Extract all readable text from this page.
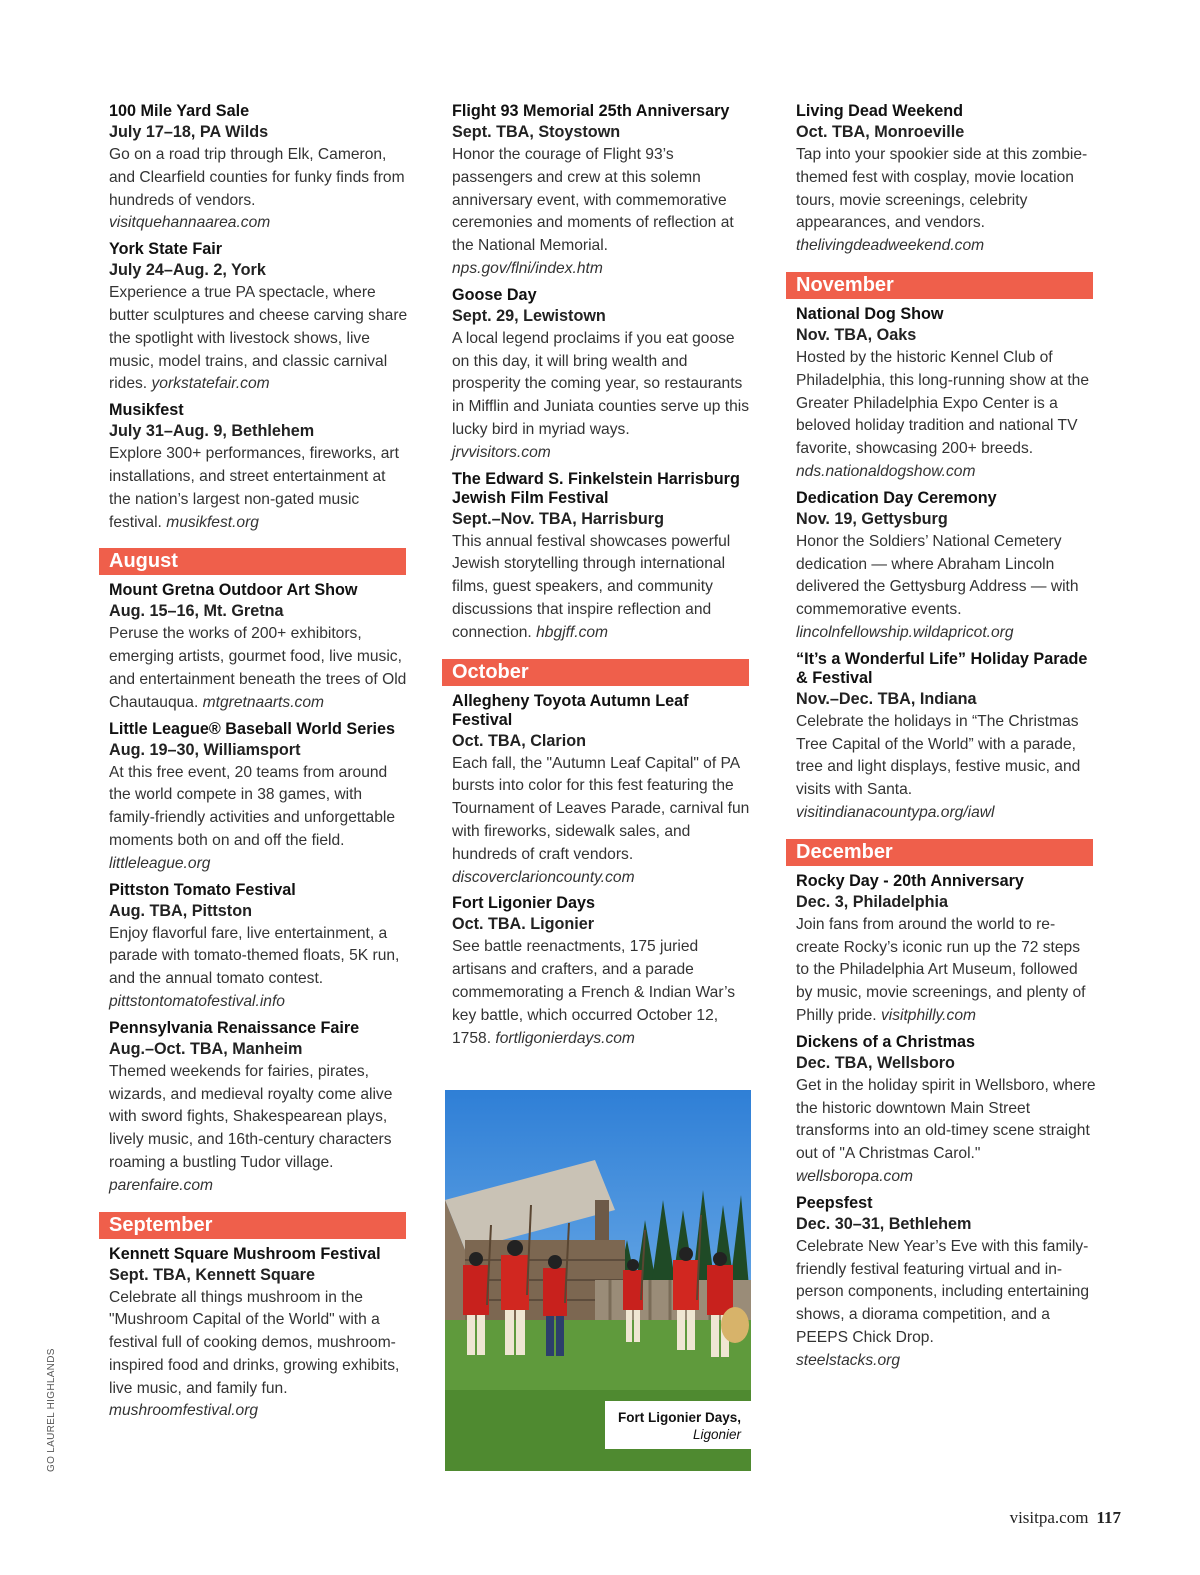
100 Mile Yard Sale
July 17–18, PA Wilds
Go on a road trip through Elk, Cameron, and Clearfield counties for funky finds from hundreds of vendors.
visitquehannaarea.com
York State Fair
July 24–Aug. 2, York
Experience a true PA spectacle, where butter sculptures and cheese carving share the spotlight with livestock shows, live music, model trains, and classic carnival rides. yorkstatefair.com
Musikfest
July 31–Aug. 9, Bethlehem
Explore 300+ performances, fireworks, art installations, and street entertainment at the nation’s largest non-gated music festival. musikfest.org
August
Mount Gretna Outdoor Art Show
Aug. 15–16, Mt. Gretna
Peruse the works of 200+ exhibitors, emerging artists, gourmet food, live music, and entertainment beneath the trees of Old Chautauqua. mtgretnaarts.com
Little League® Baseball World Series
Aug. 19–30, Williamsport
At this free event, 20 teams from around the world compete in 38 games, with family-friendly activities and unforgettable moments both on and off the field.
littleleague.org
Pittston Tomato Festival
Aug. TBA, Pittston
Enjoy flavorful fare, live entertainment, a parade with tomato-themed floats, 5K run, and the annual tomato contest.
pittstontomatofestival.info
Pennsylvania Renaissance Faire
Aug.–Oct. TBA, Manheim
Themed weekends for fairies, pirates, wizards, and medieval royalty come alive with sword fights, Shakespearean plays, lively music, and 16th-century characters roaming a bustling Tudor village.
parenfaire.com
September
Kennett Square Mushroom Festival
Sept. TBA, Kennett Square
Celebrate all things mushroom in the "Mushroom Capital of the World" with a festival full of cooking demos, mushroom-inspired food and drinks, growing exhibits, live music, and family fun.
mushroomfestival.org
Flight 93 Memorial 25th Anniversary
Sept. TBA, Stoystown
Honor the courage of Flight 93’s passengers and crew at this solemn anniversary event, with commemorative ceremonies and moments of reflection at the National Memorial.
nps.gov/flni/index.htm
Goose Day
Sept. 29, Lewistown
A local legend proclaims if you eat goose on this day, it will bring wealth and prosperity the coming year, so restaurants in Mifflin and Juniata counties serve up this lucky bird in myriad ways.
jrvvisitors.com
The Edward S. Finkelstein Harrisburg Jewish Film Festival
Sept.–Nov. TBA, Harrisburg
This annual festival showcases powerful Jewish storytelling through international films, guest speakers, and community discussions that inspire reflection and connection. hbgjff.com
October
Allegheny Toyota Autumn Leaf Festival
Oct. TBA, Clarion
Each fall, the "Autumn Leaf Capital" of PA bursts into color for this fest featuring the Tournament of Leaves Parade, carnival fun with fireworks, sidewalk sales, and hundreds of craft vendors.
discoverclarioncounty.com
Fort Ligonier Days
Oct. TBA. Ligonier
See battle reenactments, 175 juried artisans and crafters, and a parade commemorating a French & Indian War’s key battle, which occurred October 12, 1758. fortligonierdays.com
Living Dead Weekend
Oct. TBA, Monroeville
Tap into your spookier side at this zombie-themed fest with cosplay, movie location tours, movie screenings, celebrity appearances, and vendors.
thelivingdeadweekend.com
November
National Dog Show
Nov. TBA, Oaks
Hosted by the historic Kennel Club of Philadelphia, this long-running show at the Greater Philadelphia Expo Center is a beloved holiday tradition and national TV favorite, showcasing 200+ breeds.
nds.nationaldogshow.com
Dedication Day Ceremony
Nov. 19, Gettysburg
Honor the Soldiers’ National Cemetery dedication — where Abraham Lincoln delivered the Gettysburg Address — with commemorative events.
lincolnfellowship.wildapricot.org
“It’s a Wonderful Life” Holiday Parade & Festival
Nov.–Dec. TBA, Indiana
Celebrate the holidays in “The Christmas Tree Capital of the World” with a parade, tree and light displays, festive music, and visits with Santa.
visitindianacountypa.org/iawl
December
Rocky Day - 20th Anniversary
Dec. 3, Philadelphia
Join fans from around the world to re-create Rocky’s iconic run up the 72 steps to the Philadelphia Art Museum, followed by music, movie screenings, and plenty of Philly pride. visitphilly.com
Dickens of a Christmas
Dec. TBA, Wellsboro
Get in the holiday spirit in Wellsboro, where the historic downtown Main Street transforms into an old-timey scene straight out of "A Christmas Carol."
wellsboropa.com
Peepsfest
Dec. 30–31, Bethlehem
Celebrate New Year’s Eve with this family-friendly festival featuring virtual and in-person components, including entertaining shows, a diorama competition, and a PEEPS Chick Drop.
steelstacks.org
Fort Ligonier Days,
Ligonier
GO LAUREL HIGHLANDS
visitpa.com 117
